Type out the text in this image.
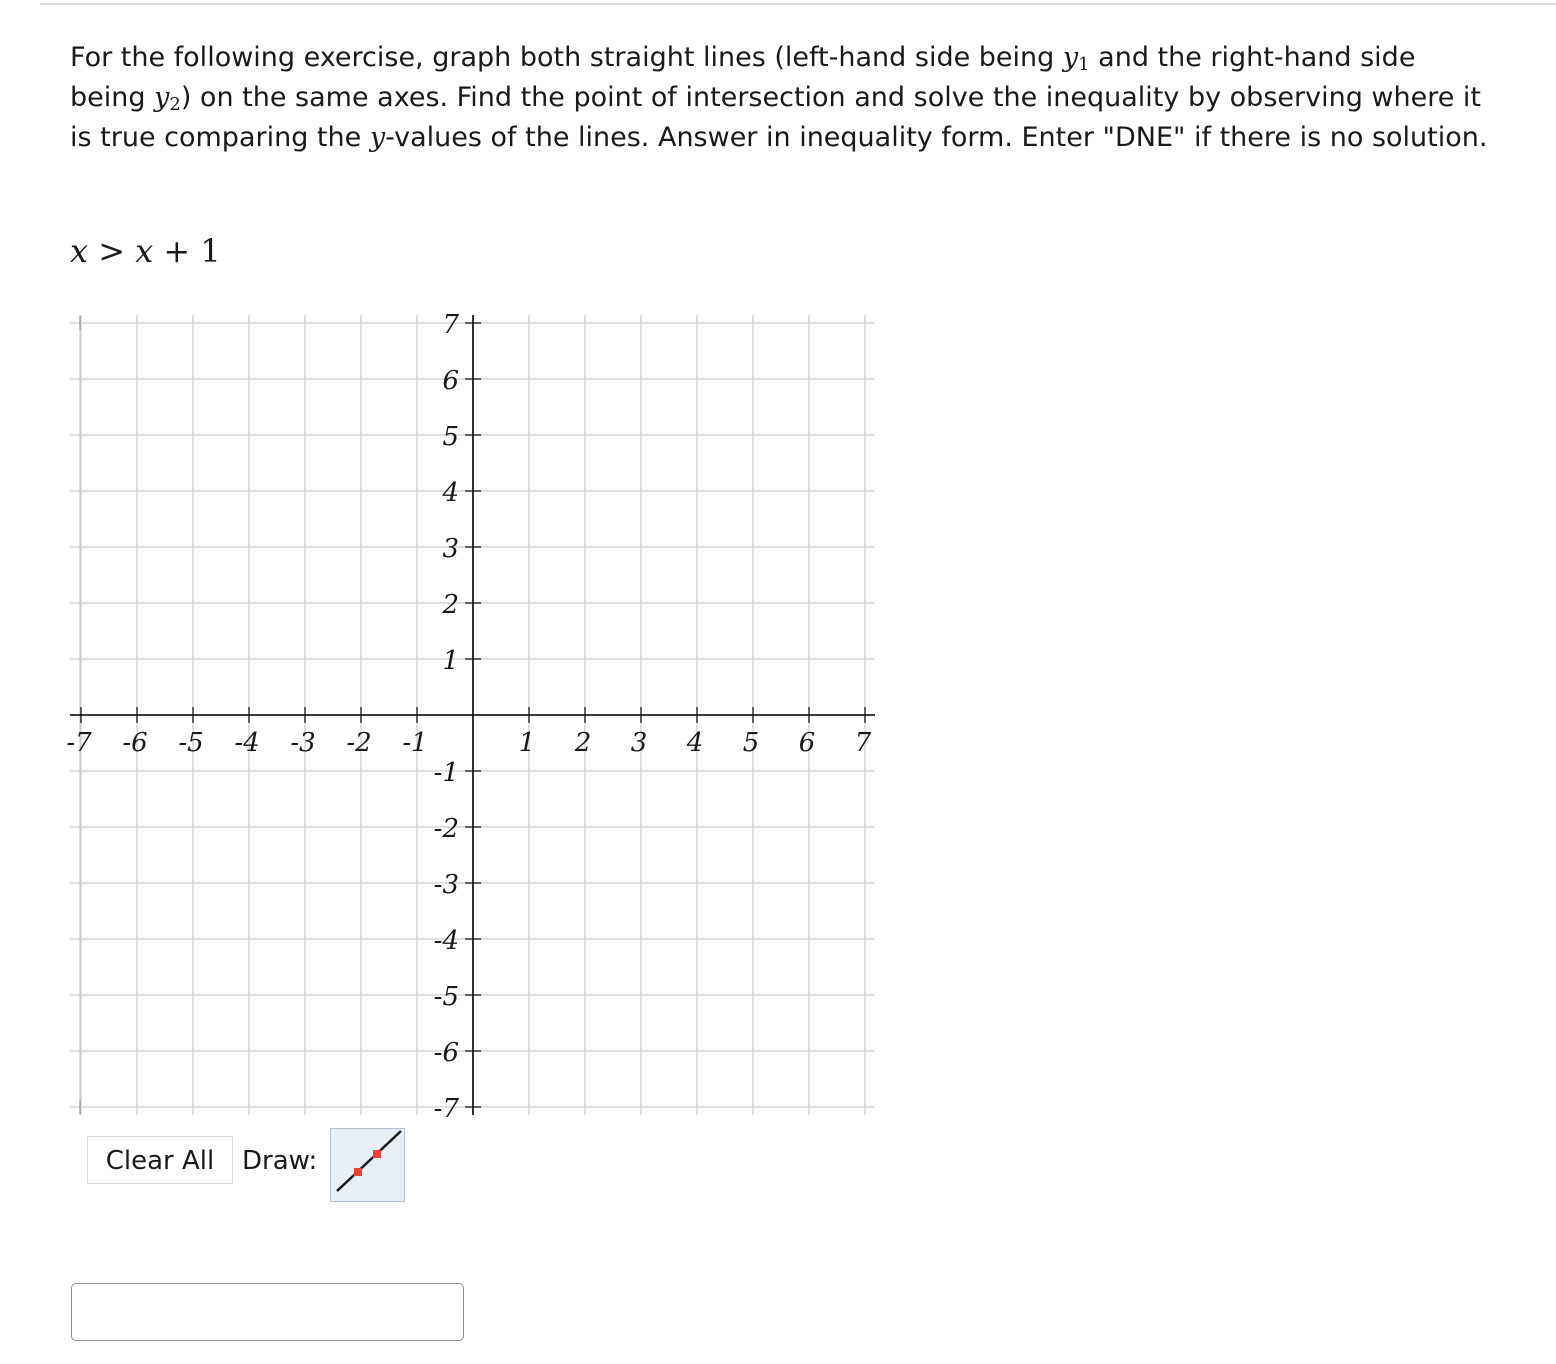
For the following exercise, graph both straight lines (left-hand side being $y_1$ and the right-hand side being $y_2$) on the same axes. Find the point of intersection and solve the inequality by observing where it is true comparing the y-values of the lines. Answer in inequality form. Enter "DNE" if there is no solution.
x > x + 1
-7 -6 -5 -4 -3 -2 -1	1 2 3 4 5 6 7
7
6
5
4
3
2
1
-1
-2
-3
-4
-5
-6
-7
Clear All	Draw:
